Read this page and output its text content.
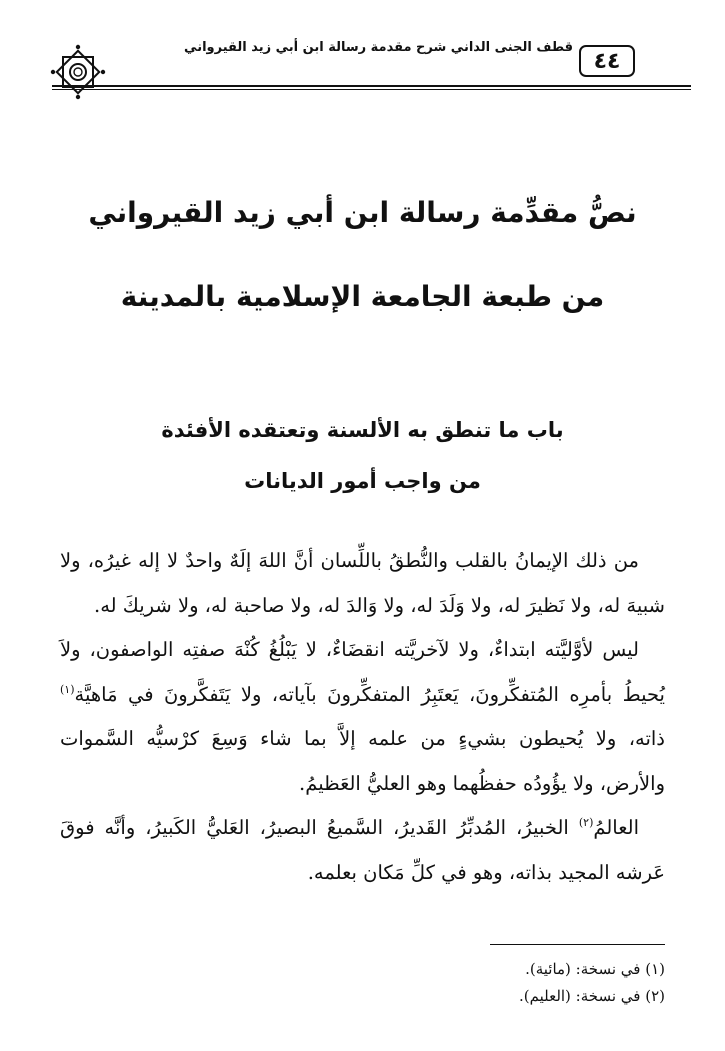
قطف الجنى الداني شرح مقدمة رسالة ابن أبي زيد القيرواني
٤٤
نصُّ مقدِّمة رسالة ابن أبي زيد القيرواني
من طبعة الجامعة الإسلامية بالمدينة
باب ما تنطق به الألسنة وتعتقده الأفئدة
من واجب أمور الديانات

من ذلك الإيمانُ بالقلب والنُّطقُ باللِّسان أنَّ اللهَ إلَهٌ واحدٌ لا إله غيرُه، ولا شبيهَ له، ولا نَظيرَ له، ولا وَلَدَ له، ولا وَالدَ له، ولا صاحبة له، ولا شريكَ له.

ليس لأوَّليَّته ابتداءٌ، ولا لآخريَّته انقضَاءٌ، لا يَبْلُغُ كُنْهَ صفتِه الواصفون، ولاَ يُحيطُ بأمرِه المُتفكِّرونَ، يَعتَبِرُ المتفكِّرونَ بآياته، ولا يَتَفكَّرونَ في مَاهيَّة$^{(١)}$ ذاته، ولا يُحيطون بشيءٍ من علمه إلاَّ بما شاء وَسِعَ كرْسيُّه السَّموات والأرض، ولا يؤُودُه حفظُهما وهو العليُّ العَظيمُ.

العالمُ$^{(٢)}$ الخبيرُ، المُدبِّرُ القَديرُ، السَّميعُ البصيرُ، العَليُّ الكَبيرُ، وأنَّه فوقَ عَرشه المجيد بذاته، وهو في كلِّ مَكان بعلمه.

(١) في نسخة: (مائية).
(٢) في نسخة: (العليم).
